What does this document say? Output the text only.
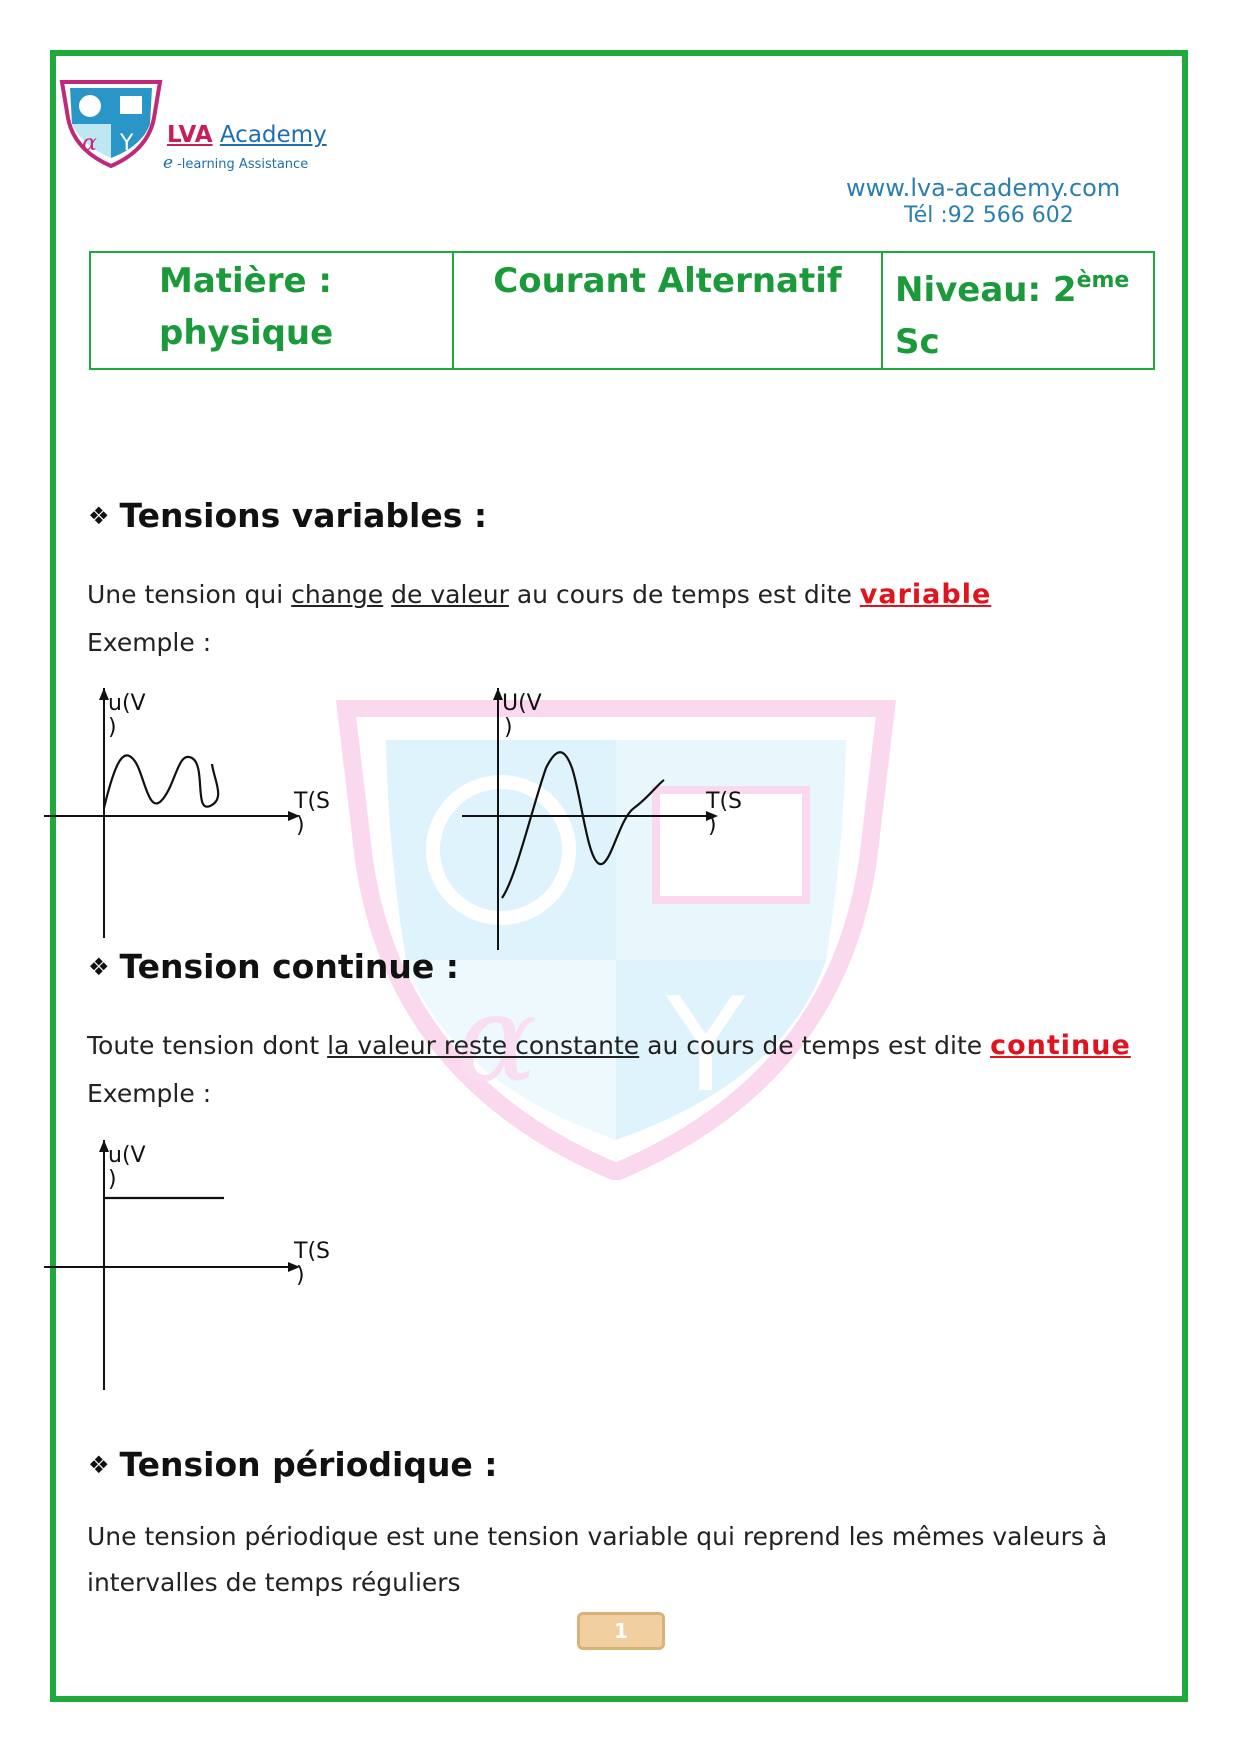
α Y LVA Academy
e -learning Assistance
www.lva-academy.com
Tél :92 566 602
Matière :
physique
	Courant Alternatif	Niveau: 2ème Sc
α Y
❖ Tensions variables :
Une tension qui change de valeur au cours de temps est dite variable
Exemple :
u(V
)
T(S
)
U(V
)
T(S
)
❖ Tension continue :
Toute tension dont la valeur reste constante au cours de temps est dite continue
Exemple :
u(V
)
T(S
)
❖ Tension périodique :
Une tension périodique est une tension variable qui reprend les mêmes valeurs à
intervalles de temps réguliers
1
